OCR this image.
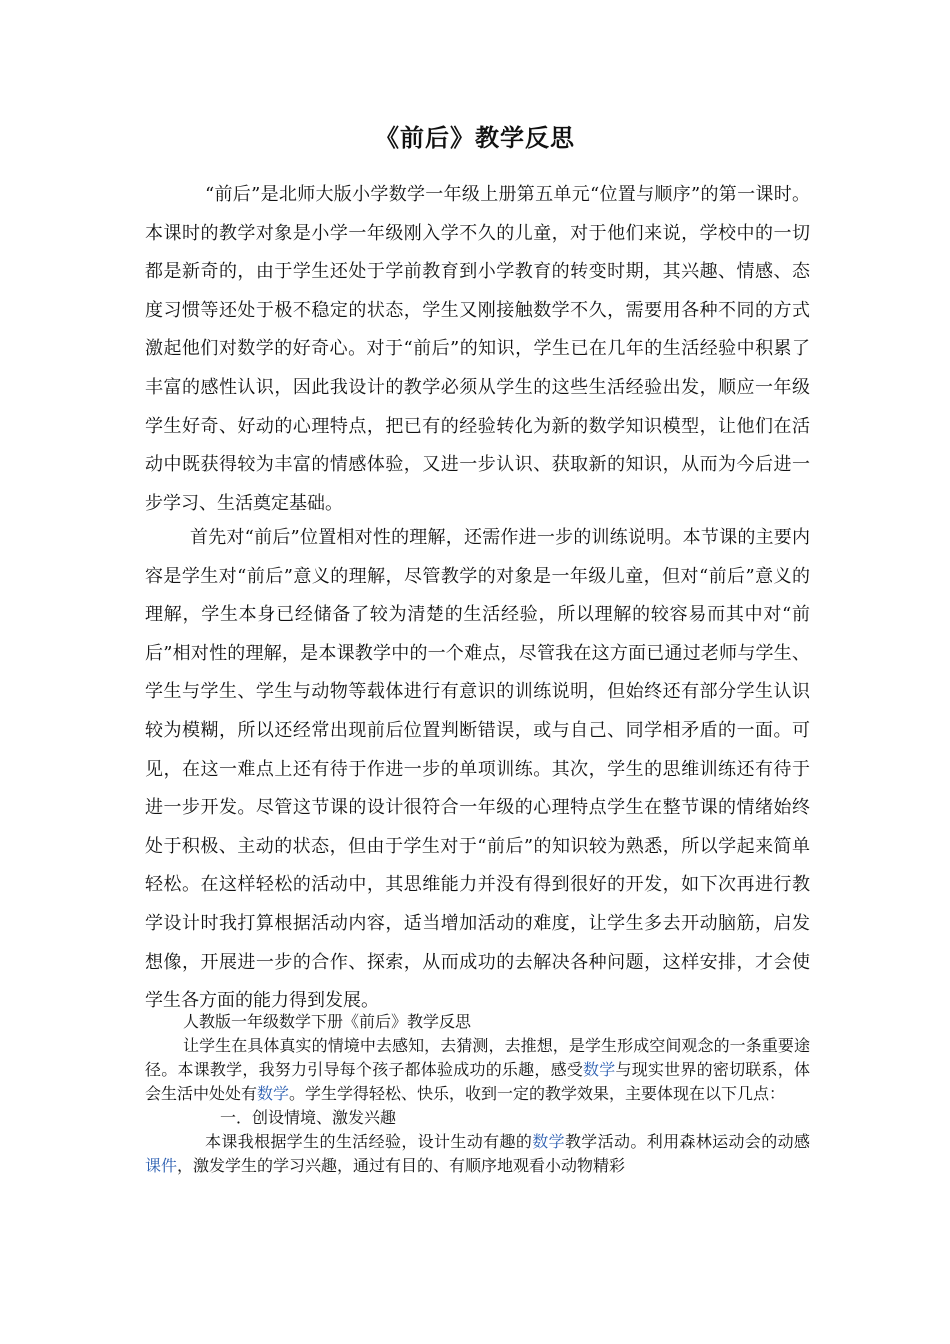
《前后》教学反思

“前后”是北师大版小学数学一年级上册第五单元“位置与顺序”的第一课时。本课时的教学对象是小学一年级刚入学不久的儿童，对于他们来说，学校中的一切都是新奇的，由于学生还处于学前教育到小学教育的转变时期，其兴趣、情感、态度习惯等还处于极不稳定的状态，学生又刚接触数学不久，需要用各种不同的方式激起他们对数学的好奇心。对于“前后”的知识，学生已在几年的生活经验中积累了丰富的感性认识，因此我设计的教学必须从学生的这些生活经验出发，顺应一年级学生好奇、好动的心理特点，把已有的经验转化为新的数学知识模型，让他们在活动中既获得较为丰富的情感体验，又进一步认识、获取新的知识，从而为今后进一步学习、生活奠定基础。

首先对“前后”位置相对性的理解，还需作进一步的训练说明。本节课的主要内容是学生对“前后”意义的理解，尽管教学的对象是一年级儿童，但对“前后”意义的理解，学生本身已经储备了较为清楚的生活经验，所以理解的较容易而其中对“前后”相对性的理解，是本课教学中的一个难点，尽管我在这方面已通过老师与学生、学生与学生、学生与动物等载体进行有意识的训练说明，但始终还有部分学生认识较为模糊，所以还经常出现前后位置判断错误，或与自己、同学相矛盾的一面。可见，在这一难点上还有待于作进一步的单项训练。其次，学生的思维训练还有待于进一步开发。尽管这节课的设计很符合一年级的心理特点学生在整节课的情绪始终处于积极、主动的状态，但由于学生对于“前后”的知识较为熟悉，所以学起来简单轻松。在这样轻松的活动中，其思维能力并没有得到很好的开发，如下次再进行教学设计时我打算根据活动内容，适当增加活动的难度，让学生多去开动脑筋，启发想像，开展进一步的合作、探索，从而成功的去解决各种问题，这样安排，才会使学生各方面的能力得到发展。

人教版一年级数学下册《前后》教学反思
让学生在具体真实的情境中去感知，去猜测，去推想，是学生形成空间观念的一条重要途径。本课教学，我努力引导每个孩子都体验成功的乐趣，感受数学与现实世界的密切联系，体会生活中处处有数学。学生学得轻松、快乐，收到一定的教学效果，主要体现在以下几点：
一．创设情境、激发兴趣
本课我根据学生的生活经验，设计生动有趣的数学教学活动。利用森林运动会的动感课件，激发学生的学习兴趣，通过有目的、有顺序地观看小动物精彩
